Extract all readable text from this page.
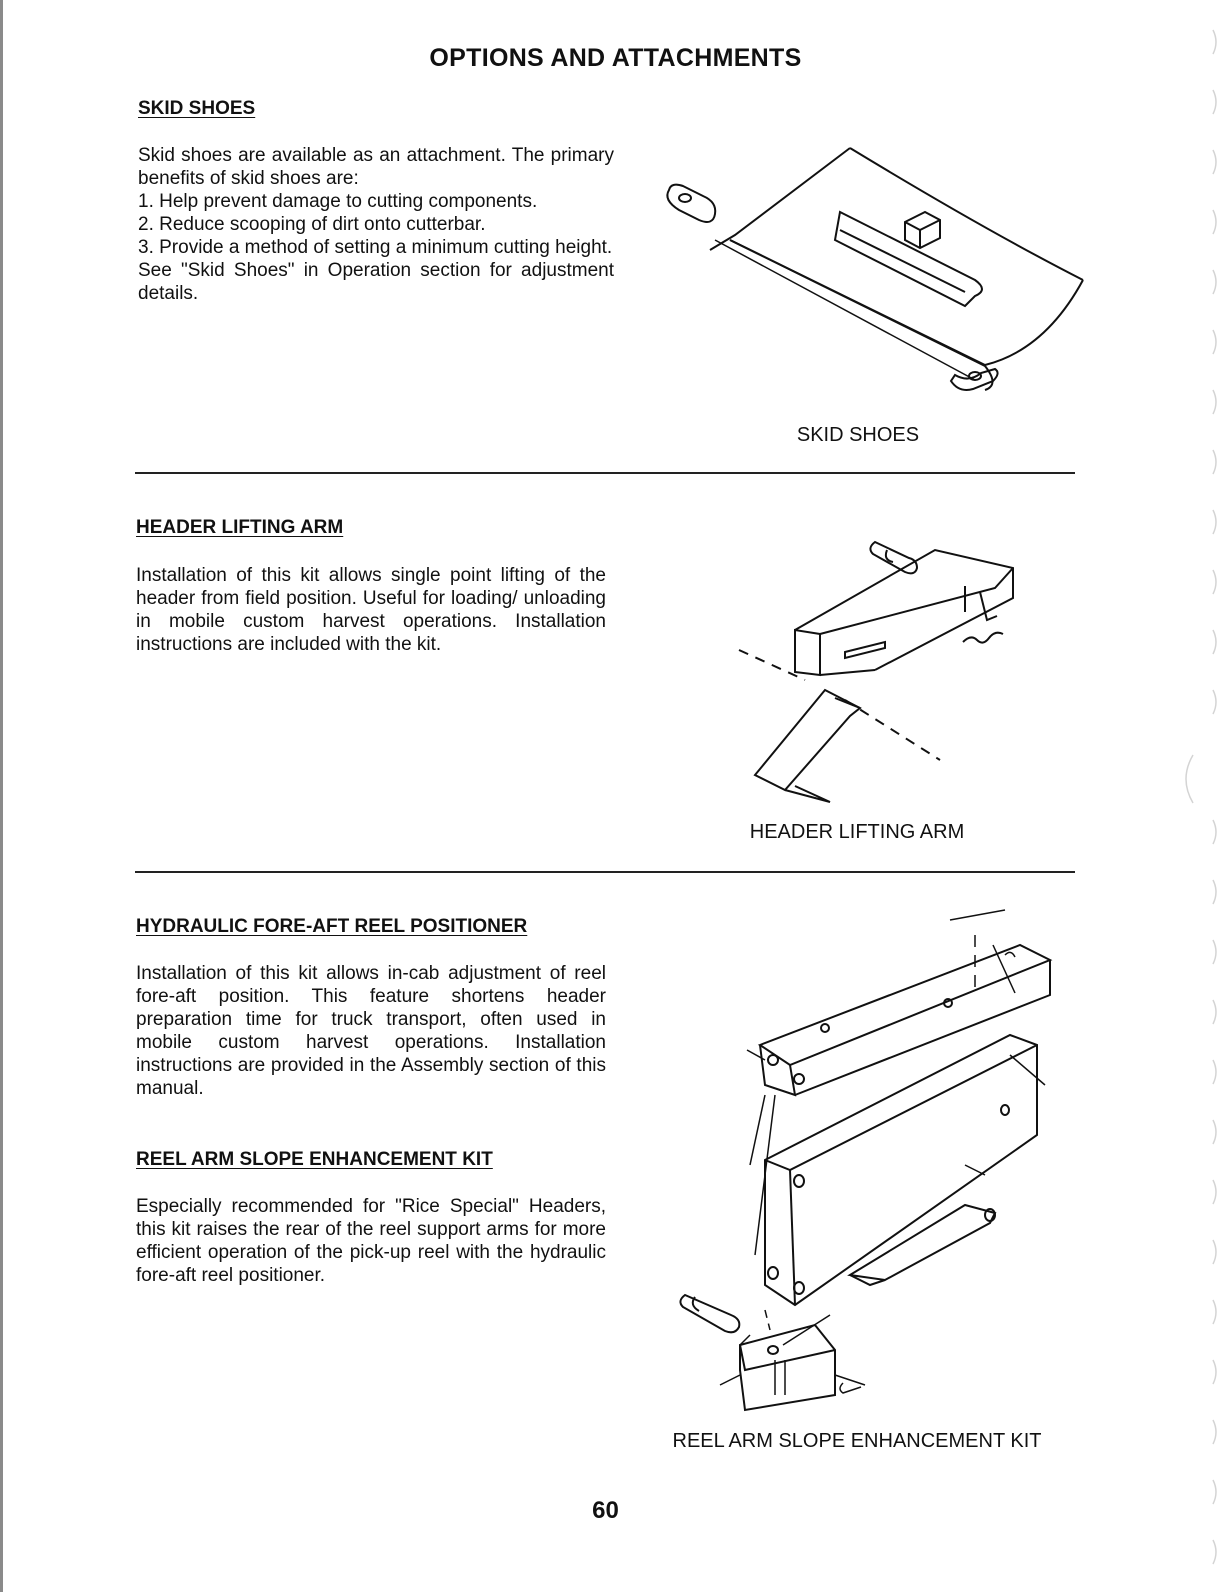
OPTIONS AND ATTACHMENTS
SKID SHOES
Skid shoes are available as an attachment. The primary benefits of skid shoes are:
1. Help prevent damage to cutting components.
2. Reduce scooping of dirt onto cutterbar.
3. Provide a method of setting a minimum cutting height.
See "Skid Shoes" in Operation section for adjustment details.
SKID SHOES
HEADER LIFTING ARM
Installation of this kit allows single point lifting of the header from field position. Useful for loading/ unloading in mobile custom harvest operations. Installation instructions are included with the kit.
HEADER LIFTING ARM
HYDRAULIC FORE-AFT REEL POSITIONER
Installation of this kit allows in-cab adjustment of reel fore-aft position. This feature shortens header preparation time for truck transport, often used in mobile custom harvest operations. Installation instructions are provided in the Assembly section of this manual.
REEL ARM SLOPE ENHANCEMENT KIT
Especially recommended for "Rice Special" Headers, this kit raises the rear of the reel support arms for more efficient operation of the pick-up reel with the hydraulic fore-aft reel positioner.
REEL ARM SLOPE ENHANCEMENT KIT
60
